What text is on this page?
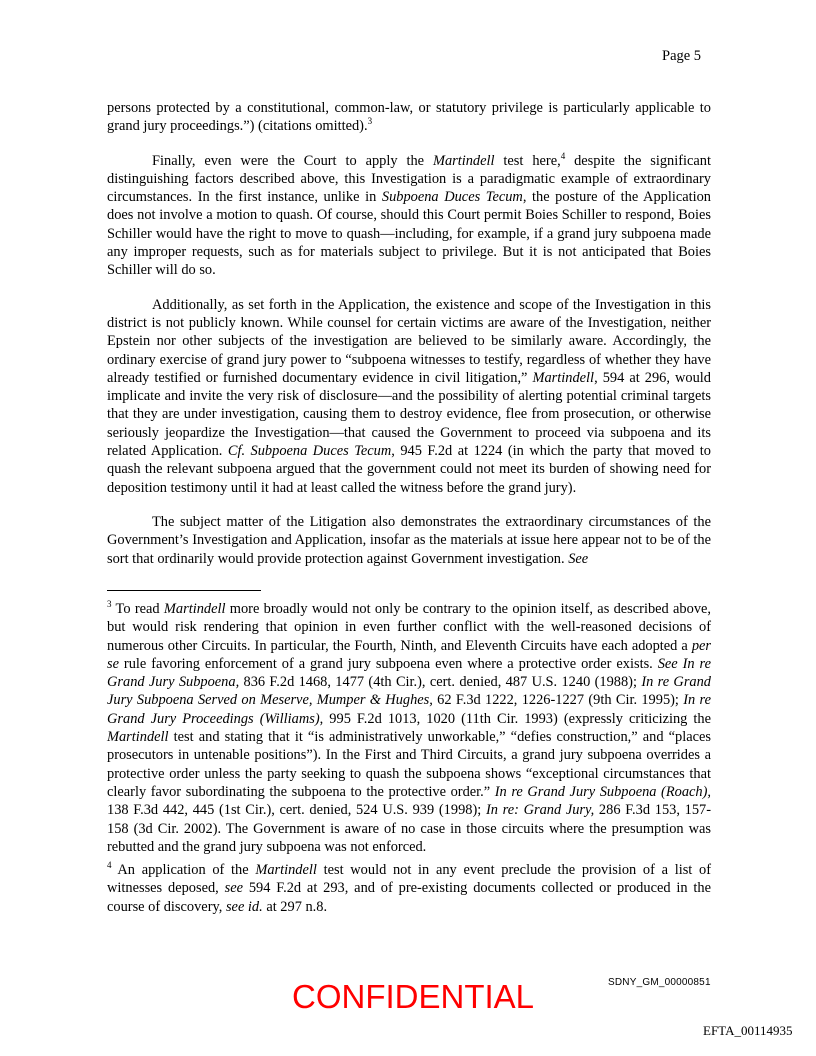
Page 5

persons protected by a constitutional, common-law, or statutory privilege is particularly applicable to grand jury proceedings.”) (citations omitted).$^3$

Finally, even were the Court to apply the Martindell test here,$^4$ despite the significant distinguishing factors described above, this Investigation is a paradigmatic example of extraordinary circumstances. In the first instance, unlike in Subpoena Duces Tecum, the posture of the Application does not involve a motion to quash. Of course, should this Court permit Boies Schiller to respond, Boies Schiller would have the right to move to quash—including, for example, if a grand jury subpoena made any improper requests, such as for materials subject to privilege. But it is not anticipated that Boies Schiller will do so.

Additionally, as set forth in the Application, the existence and scope of the Investigation in this district is not publicly known. While counsel for certain victims are aware of the Investigation, neither Epstein nor other subjects of the investigation are believed to be similarly aware. Accordingly, the ordinary exercise of grand jury power to “subpoena witnesses to testify, regardless of whether they have already testified or furnished documentary evidence in civil litigation,” Martindell, 594 at 296, would implicate and invite the very risk of disclosure—and the possibility of alerting potential criminal targets that they are under investigation, causing them to destroy evidence, flee from prosecution, or otherwise seriously jeopardize the Investigation—that caused the Government to proceed via subpoena and its related Application. Cf. Subpoena Duces Tecum, 945 F.2d at 1224 (in which the party that moved to quash the relevant subpoena argued that the government could not meet its burden of showing need for deposition testimony until it had at least called the witness before the grand jury).

The subject matter of the Litigation also demonstrates the extraordinary circumstances of the Government’s Investigation and Application, insofar as the materials at issue here appear not to be of the sort that ordinarily would provide protection against Government investigation. See

$^3$ To read Martindell more broadly would not only be contrary to the opinion itself, as described above, but would risk rendering that opinion in even further conflict with the well-reasoned decisions of numerous other Circuits. In particular, the Fourth, Ninth, and Eleventh Circuits have each adopted a per se rule favoring enforcement of a grand jury subpoena even where a protective order exists. See In re Grand Jury Subpoena, 836 F.2d 1468, 1477 (4th Cir.), cert. denied, 487 U.S. 1240 (1988); In re Grand Jury Subpoena Served on Meserve, Mumper & Hughes, 62 F.3d 1222, 1226-1227 (9th Cir. 1995); In re Grand Jury Proceedings (Williams), 995 F.2d 1013, 1020 (11th Cir. 1993) (expressly criticizing the Martindell test and stating that it “is administratively unworkable,” “defies construction,” and “places prosecutors in untenable positions”). In the First and Third Circuits, a grand jury subpoena overrides a protective order unless the party seeking to quash the subpoena shows “exceptional circumstances that clearly favor subordinating the subpoena to the protective order.” In re Grand Jury Subpoena (Roach), 138 F.3d 442, 445 (1st Cir.), cert. denied, 524 U.S. 939 (1998); In re: Grand Jury, 286 F.3d 153, 157-158 (3d Cir. 2002). The Government is aware of no case in those circuits where the presumption was rebutted and the grand jury subpoena was not enforced.

$^4$ An application of the Martindell test would not in any event preclude the provision of a list of witnesses deposed, see 594 F.2d at 293, and of pre-existing documents collected or produced in the course of discovery, see id. at 297 n.8.

CONFIDENTIAL	SDNY_GM_00000851
EFTA_00114935
